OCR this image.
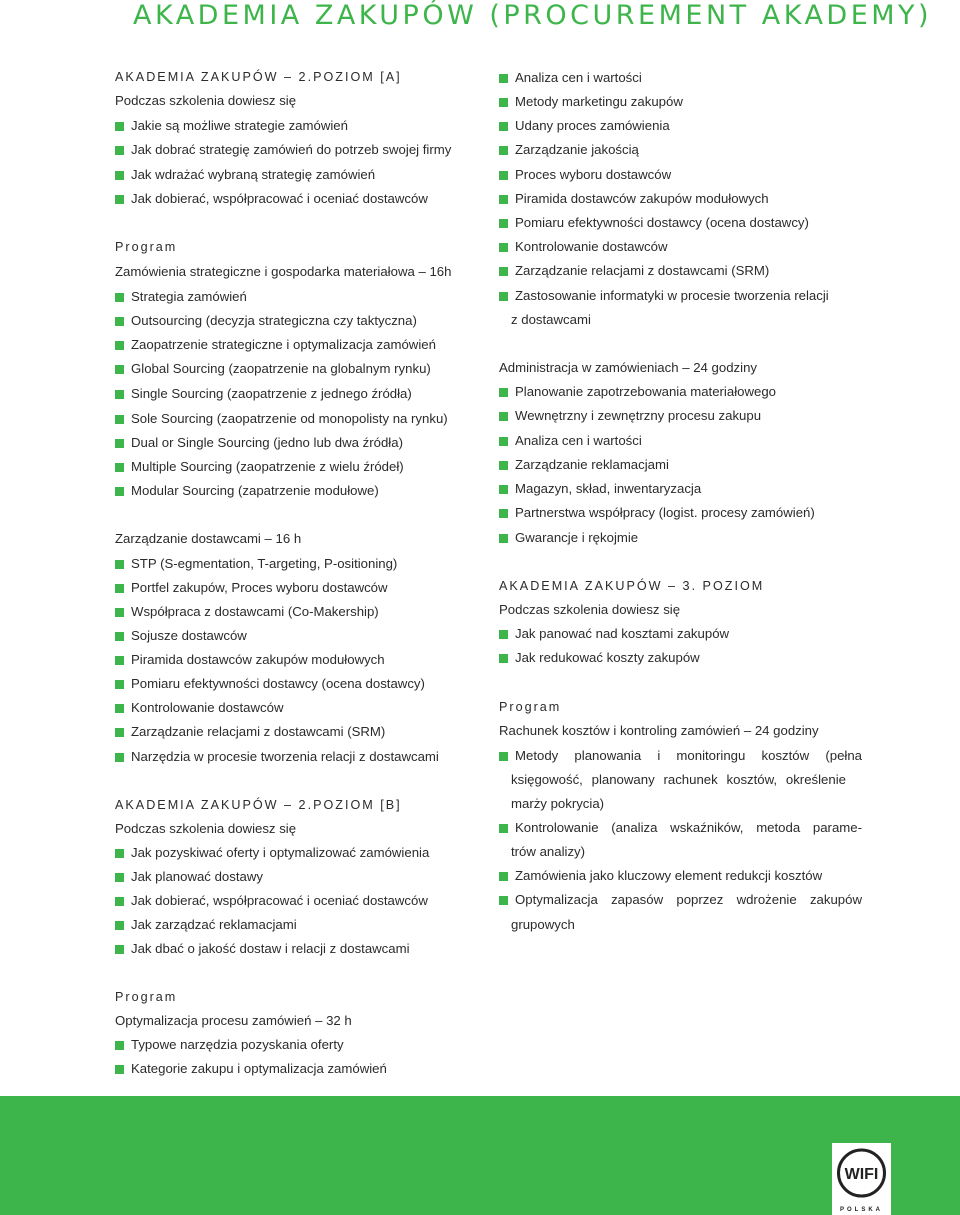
AKADEMIA ZAKUPÓW (PROCUREMENT AKADEMY)
AKADEMIA ZAKUPÓW – 2.POZIOM [A]
Podczas szkolenia dowiesz się
Jakie są możliwe strategie zamówień
Jak dobrać strategię zamówień do potrzeb swojej firmy
Jak wdrażać wybraną strategię zamówień
Jak dobierać, współpracować i oceniać dostawców
Program
Zamówienia strategiczne i gospodarka materiałowa – 16h
Strategia zamówień
Outsourcing (decyzja strategiczna czy taktyczna)
Zaopatrzenie strategiczne i optymalizacja zamówień
Global Sourcing (zaopatrzenie na globalnym rynku)
Single Sourcing (zaopatrzenie z jednego źródła)
Sole Sourcing (zaopatrzenie od monopolisty na rynku)
Dual or Single Sourcing (jedno lub dwa źródła)
Multiple Sourcing (zaopatrzenie z wielu źródeł)
Modular Sourcing (zapatrzenie modułowe)
Zarządzanie dostawcami – 16 h
STP (S-egmentation, T-argeting, P-ositioning)
Portfel zakupów, Proces wyboru dostawców
Współpraca z dostawcami (Co-Makership)
Sojusze dostawców
Piramida dostawców zakupów modułowych
Pomiaru efektywności dostawcy (ocena dostawcy)
Kontrolowanie dostawców
Zarządzanie relacjami z dostawcami (SRM)
Narzędzia w procesie tworzenia relacji z dostawcami
AKADEMIA ZAKUPÓW – 2.POZIOM [B]
Podczas szkolenia dowiesz się
Jak pozyskiwać oferty i optymalizować zamówienia
Jak planować dostawy
Jak dobierać, współpracować i oceniać dostawców
Jak zarządzać reklamacjami
Jak dbać o jakość dostaw i relacji z dostawcami
Program
Optymalizacja procesu zamówień – 32 h
Typowe narzędzia pozyskania oferty
Kategorie zakupu i optymalizacja zamówień
Analiza cen i wartości
Metody marketingu zakupów
Udany proces zamówienia
Zarządzanie jakością
Proces wyboru dostawców
Piramida dostawców zakupów modułowych
Pomiaru efektywności dostawcy (ocena dostawcy)
Kontrolowanie dostawców
Zarządzanie relacjami z dostawcami (SRM)
Zastosowanie informatyki w procesie tworzenia relacji
z dostawcami
Administracja w zamówieniach – 24 godziny
Planowanie zapotrzebowania materiałowego
Wewnętrzny i zewnętrzny procesu zakupu
Analiza cen i wartości
Zarządzanie reklamacjami
Magazyn, skład, inwentaryzacja
Partnerstwa współpracy (logist. procesy zamówień)
Gwarancje i rękojmie
AKADEMIA ZAKUPÓW – 3. POZIOM
Podczas szkolenia dowiesz się
Jak panować nad kosztami zakupów
Jak redukować koszty zakupów
Program
Rachunek kosztów i kontroling zamówień – 24 godziny
Metody planowania i monitoringu kosztów (pełna
księgowość, planowany rachunek kosztów, określenie
marży pokrycia)
Kontrolowanie (analiza wskaźników, metoda parame-
trów analizy)
Zamówienia jako kluczowy element redukcji kosztów
Optymalizacja zapasów poprzez wdrożenie zakupów
grupowych
WIFI
POLSKA
